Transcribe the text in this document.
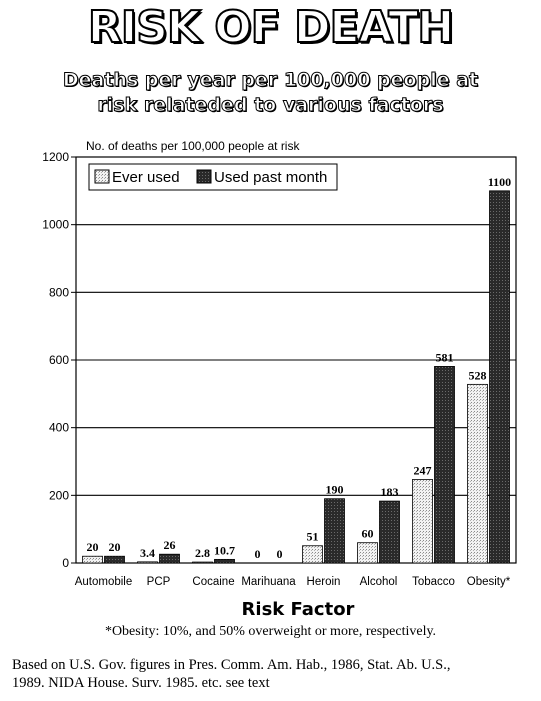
RISK OF DEATH
Deaths per year per 100,000 people at
risk relateded to various factors
No. of deaths per 100,000 people at risk
0
200
400
600
800
1000
1200
20 20 3.4
26
2.8 10.7 0 0
51
190
60
183
247
581
528
1100
Automobile PCP Cocaine Marihuana Heroin Alcohol Tobacco Obesity*
Ever used Used past month
Risk Factor
*Obesity: 10%, and 50% overweight or more, respectively.
Based on U.S. Gov. figures in Pres. Comm. Am. Hab., 1986, Stat. Ab. U.S.,
1989. NIDA House. Surv. 1985. etc. see text
